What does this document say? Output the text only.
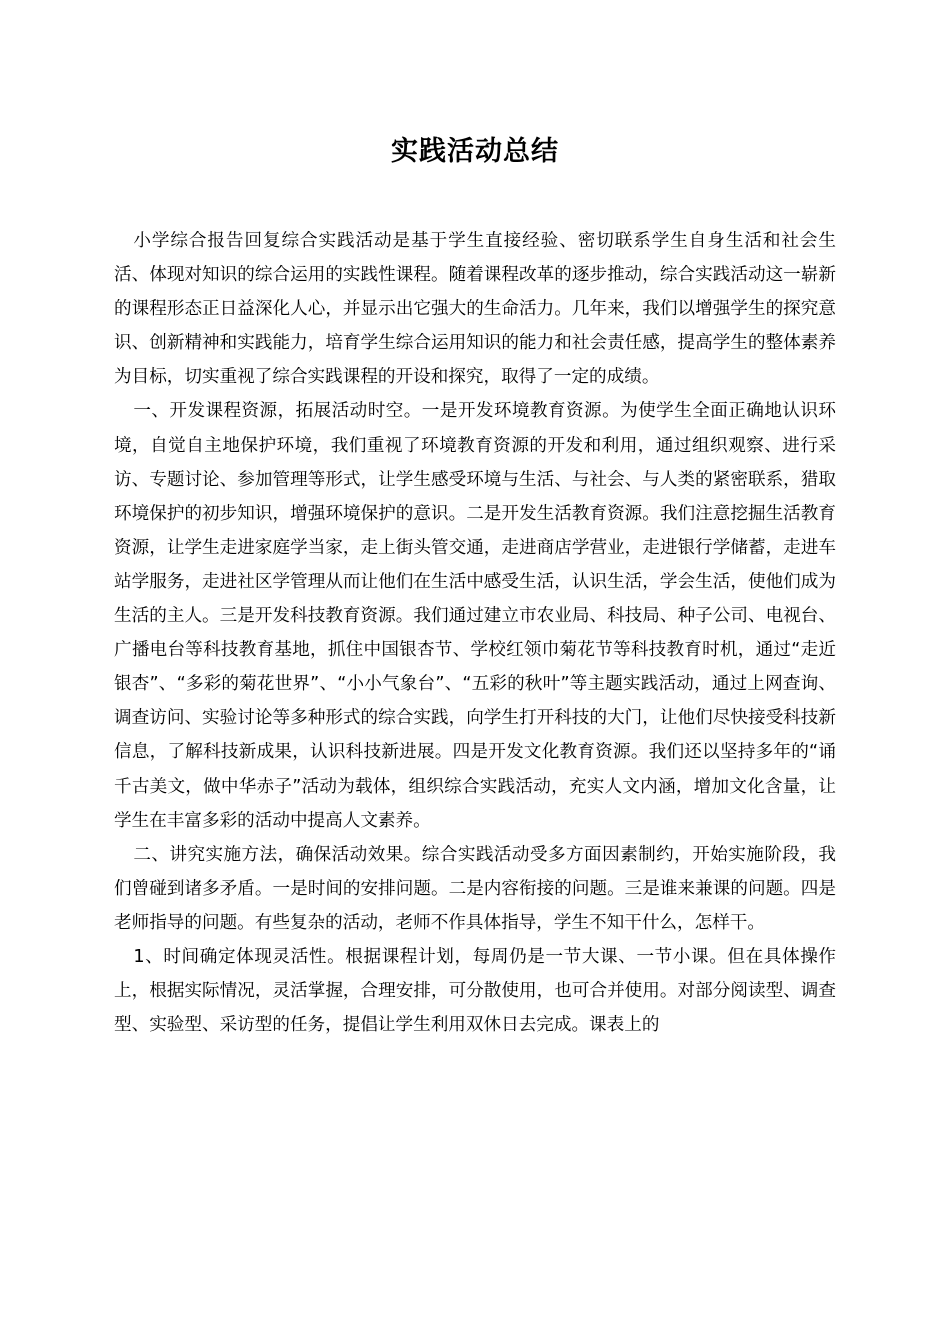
实践活动总结

小学综合报告回复综合实践活动是基于学生直接经验、密切联系学生自身生活和社会生活、体现对知识的综合运用的实践性课程。随着课程改革的逐步推动，综合实践活动这一崭新的课程形态正日益深化人心，并显示出它强大的生命活力。几年来，我们以增强学生的探究意识、创新精神和实践能力，培育学生综合运用知识的能力和社会责任感，提高学生的整体素养为目标，切实重视了综合实践课程的开设和探究，取得了一定的成绩。

一、开发课程资源，拓展活动时空。一是开发环境教育资源。为使学生全面正确地认识环境，自觉自主地保护环境，我们重视了环境教育资源的开发和利用，通过组织观察、进行采访、专题讨论、参加管理等形式，让学生感受环境与生活、与社会、与人类的紧密联系，猎取环境保护的初步知识，增强环境保护的意识。二是开发生活教育资源。我们注意挖掘生活教育资源，让学生走进家庭学当家，走上街头管交通，走进商店学营业，走进银行学储蓄，走进车站学服务，走进社区学管理从而让他们在生活中感受生活，认识生活，学会生活，使他们成为生活的主人。三是开发科技教育资源。我们通过建立市农业局、科技局、种子公司、电视台、广播电台等科技教育基地，抓住中国银杏节、学校红领巾菊花节等科技教育时机，通过“走近银杏”、“多彩的菊花世界”、“小小气象台”、“五彩的秋叶”等主题实践活动，通过上网查询、调查访问、实验讨论等多种形式的综合实践，向学生打开科技的大门，让他们尽快接受科技新信息，了解科技新成果，认识科技新进展。四是开发文化教育资源。我们还以坚持多年的“诵千古美文，做中华赤子”活动为载体，组织综合实践活动，充实人文内涵，增加文化含量，让学生在丰富多彩的活动中提高人文素养。

二、讲究实施方法，确保活动效果。综合实践活动受多方面因素制约，开始实施阶段，我们曾碰到诸多矛盾。一是时间的安排问题。二是内容衔接的问题。三是谁来兼课的问题。四是老师指导的问题。有些复杂的活动，老师不作具体指导，学生不知干什么，怎样干。

1、时间确定体现灵活性。根据课程计划，每周仍是一节大课、一节小课。但在具体操作上，根据实际情况，灵活掌握，合理安排，可分散使用，也可合并使用。对部分阅读型、调查型、实验型、采访型的任务，提倡让学生利用双休日去完成。课表上的
